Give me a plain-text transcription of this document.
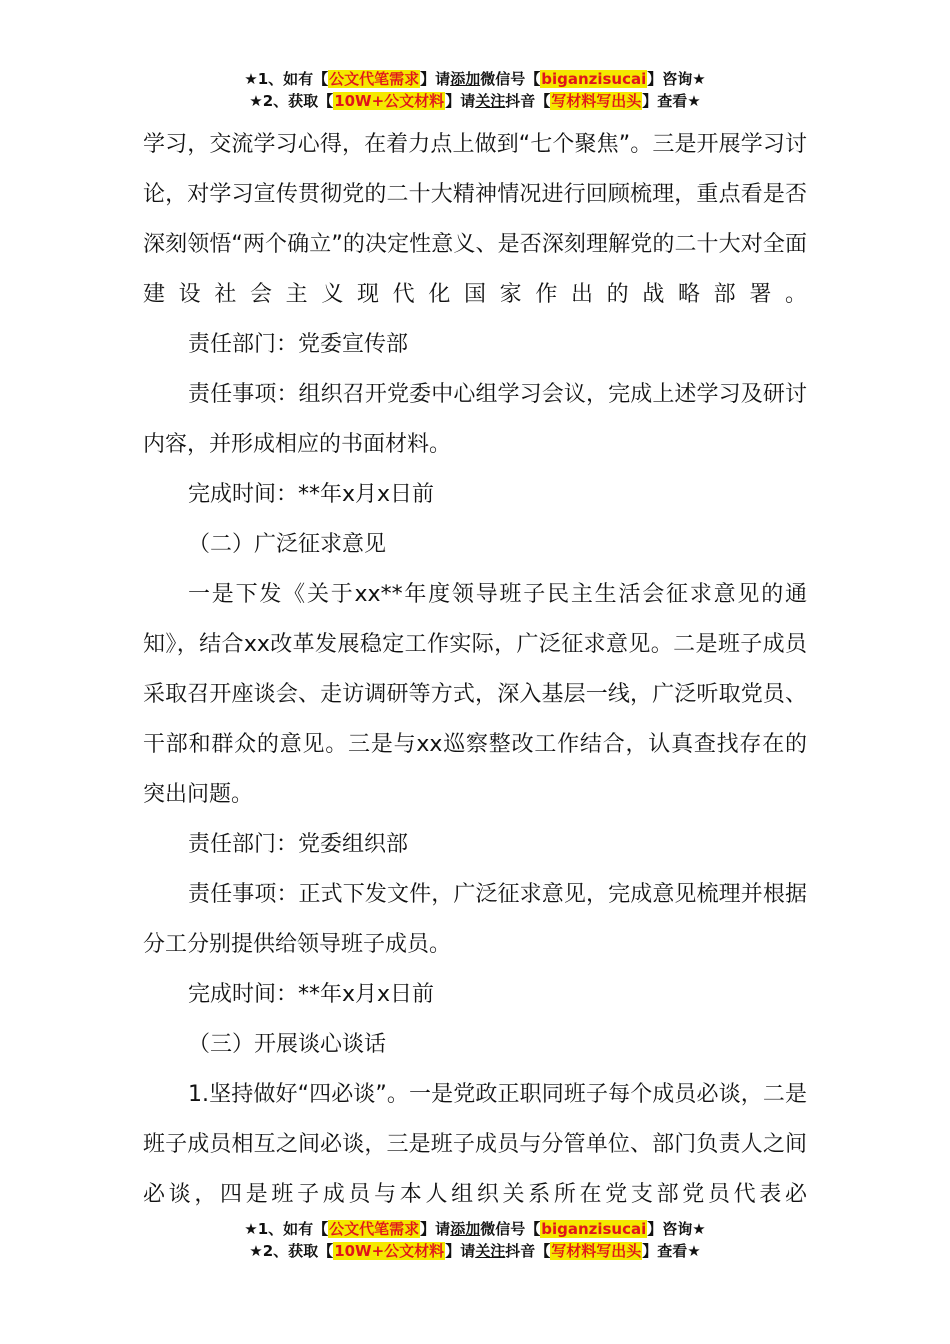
★1、如有【公文代笔需求】请添加微信号【biganzisucai】咨询★
★2、获取【10W+公文材料】请关注抖音【写材料写出头】查看★

学习，交流学习心得，在着力点上做到“七个聚焦”。三是开展学习讨论，对学习宣传贯彻党的二十大精神情况进行回顾梳理，重点看是否深刻领悟“两个确立”的决定性意义、是否深刻理解党的二十大对全面建设社会主义现代化国家作出的战略部署。

责任部门：党委宣传部

责任事项：组织召开党委中心组学习会议，完成上述学习及研讨内容，并形成相应的书面材料。

完成时间：**年x月x日前

（二）广泛征求意见

一是下发《关于xx**年度领导班子民主生活会征求意见的通知》，结合xx改革发展稳定工作实际，广泛征求意见。二是班子成员采取召开座谈会、走访调研等方式，深入基层一线，广泛听取党员、干部和群众的意见。三是与xx巡察整改工作结合，认真查找存在的突出问题。

责任部门：党委组织部

责任事项：正式下发文件，广泛征求意见，完成意见梳理并根据分工分别提供给领导班子成员。

完成时间：**年x月x日前

（三）开展谈心谈话

1.坚持做好“四必谈”。一是党政正职同班子每个成员必谈，二是班子成员相互之间必谈，三是班子成员与分管单位、部门负责人之间必谈，四是班子成员与本人组织关系所在党支部党员代表必

★1、如有【公文代笔需求】请添加微信号【biganzisucai】咨询★
★2、获取【10W+公文材料】请关注抖音【写材料写出头】查看★
